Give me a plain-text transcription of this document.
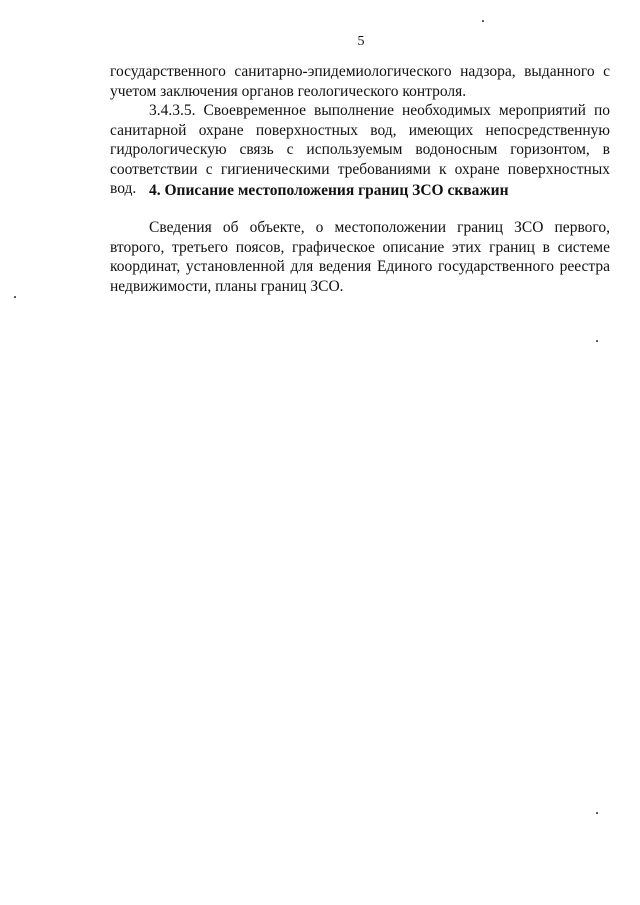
5

государственного санитарно-эпидемиологического надзора, выданного с учетом заключения органов геологического контроля.

3.4.3.5. Своевременное выполнение необходимых мероприятий по санитарной охране поверхностных вод, имеющих непосредственную гидрологическую связь с используемым водоносным горизонтом, в соответствии с гигиеническими требованиями к охране поверхностных вод. 4. Описание местоположения границ ЗСО скважин

Сведения об объекте, о местоположении границ ЗСО первого, второго, третьего поясов, графическое описание этих границ в системе координат, установленной для ведения Единого государственного реестра недвижимости, планы границ ЗСО.
